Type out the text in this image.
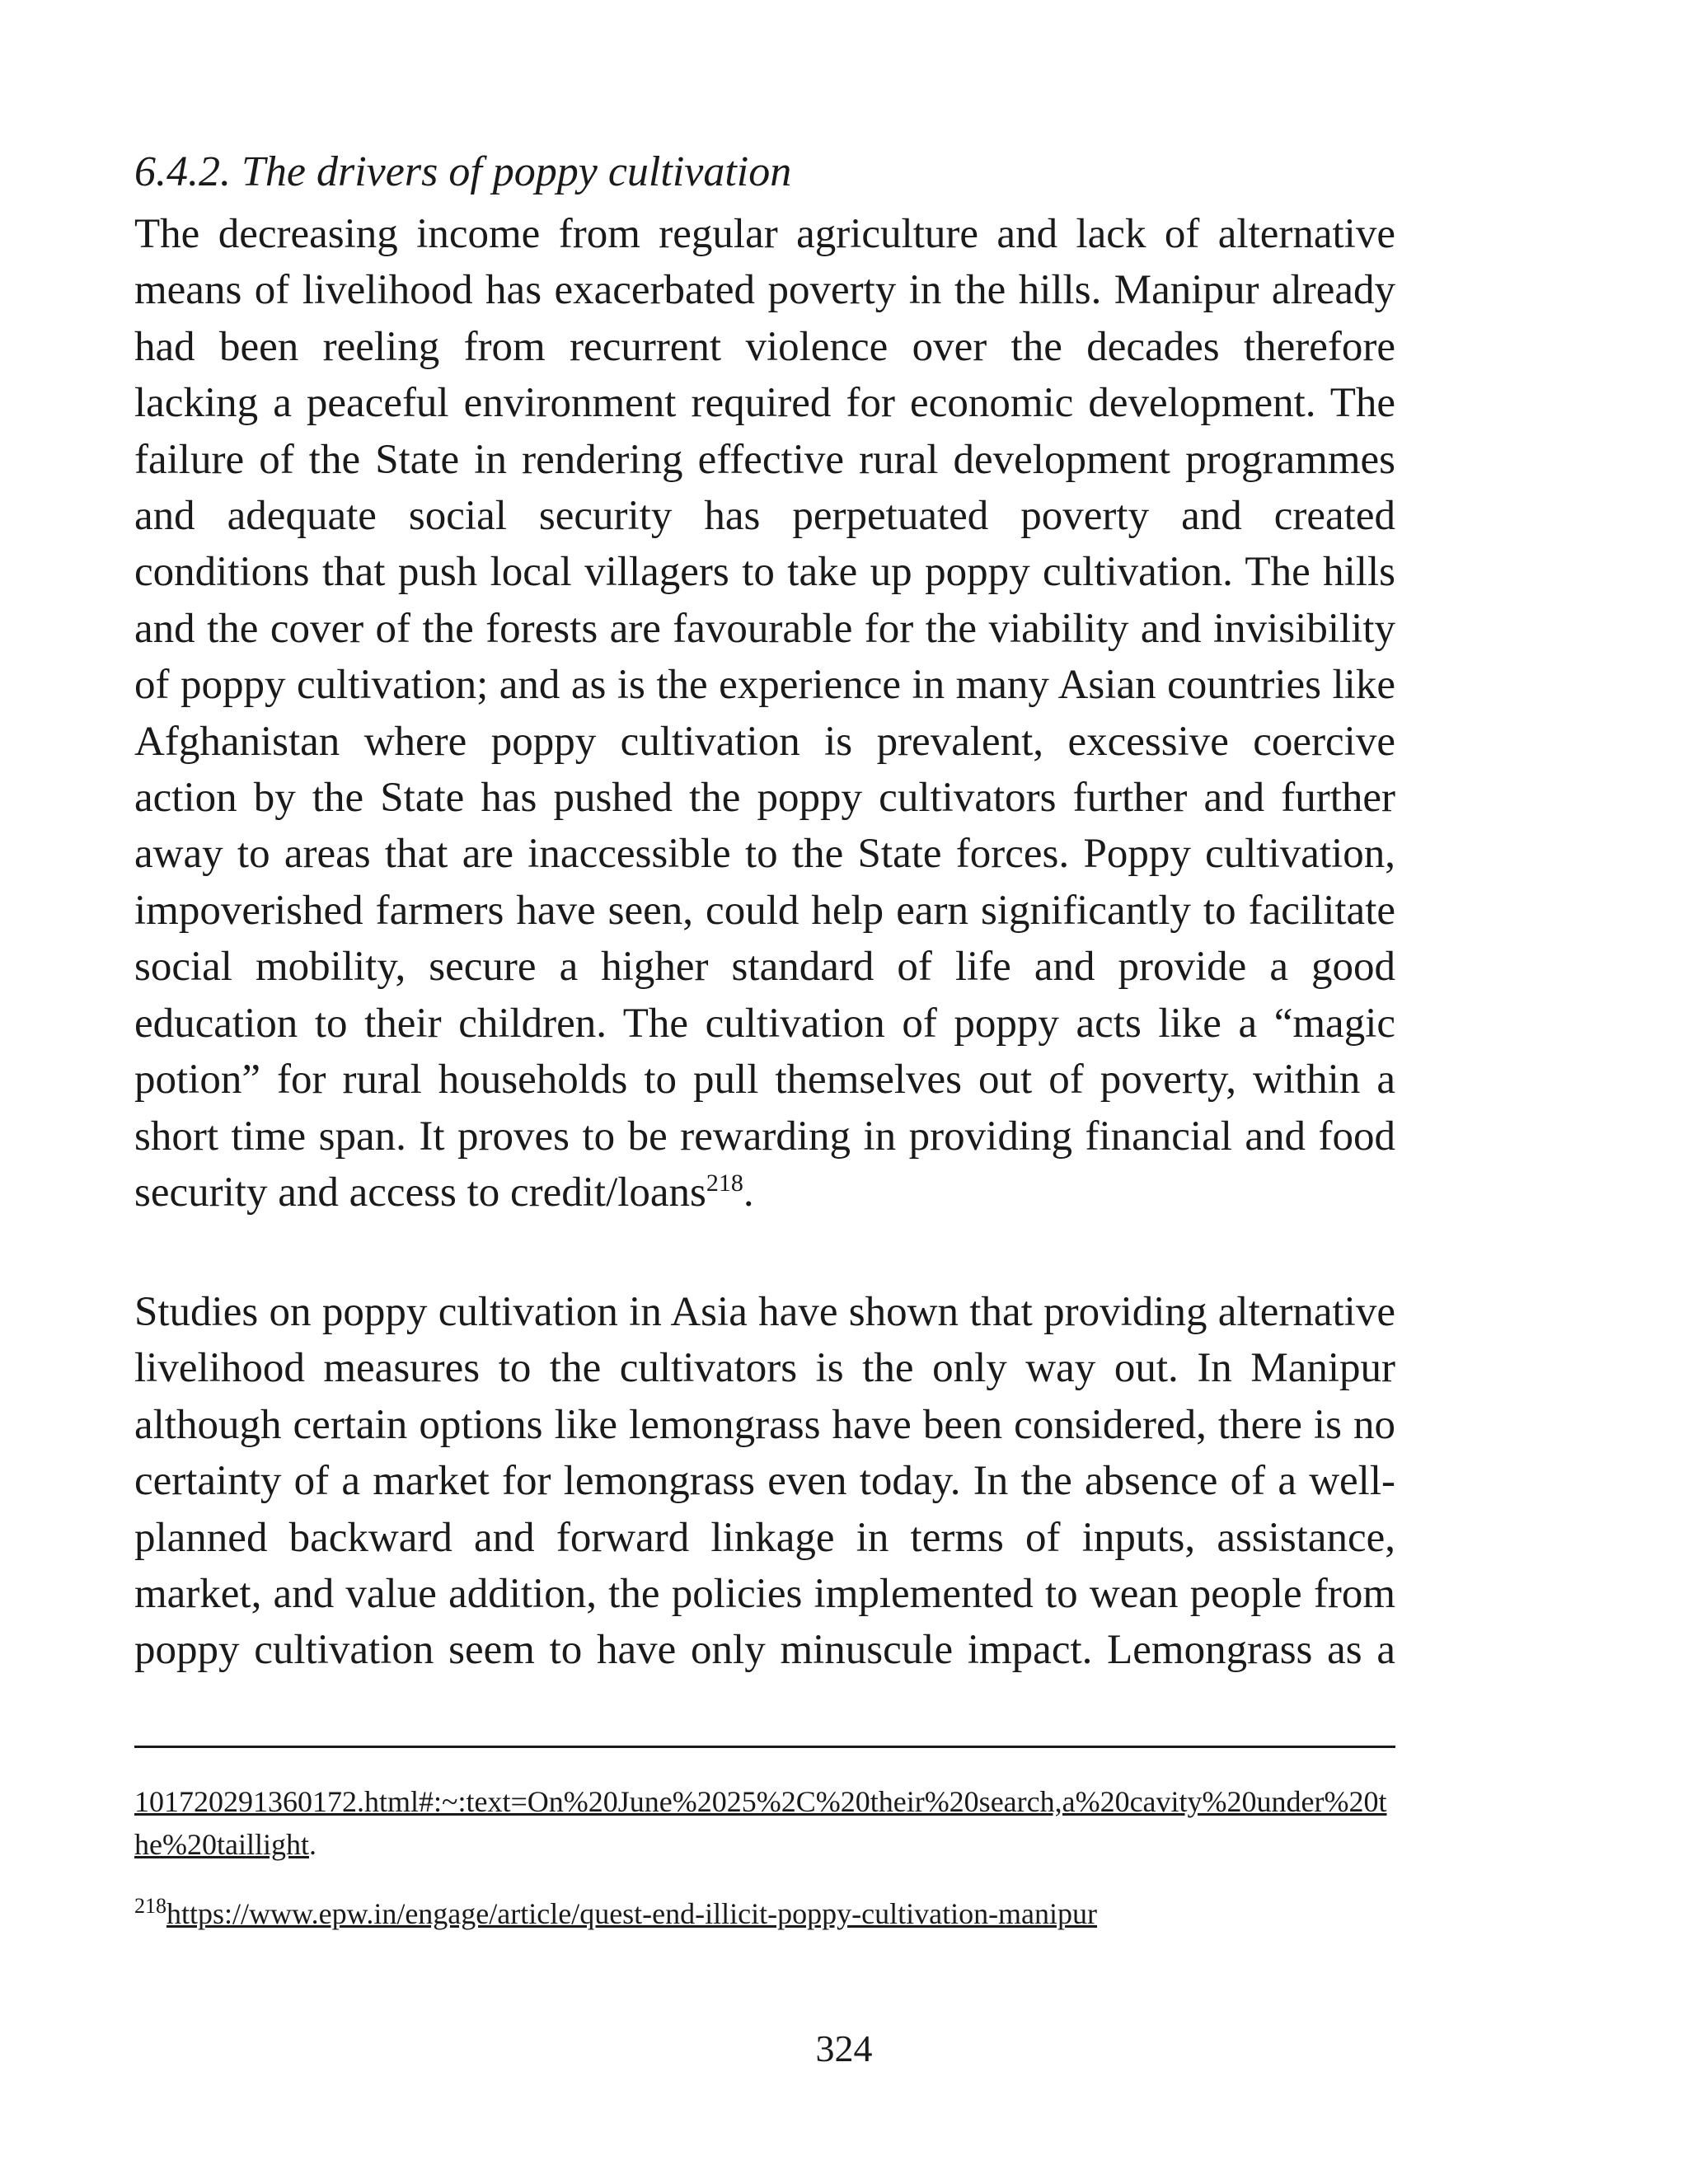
6.4.2. The drivers of poppy cultivation

The decreasing income from regular agriculture and lack of alternative means of livelihood has exacerbated poverty in the hills. Manipur already had been reeling from recurrent violence over the decades therefore lacking a peaceful environment required for economic development. The failure of the State in rendering effective rural development programmes and adequate social security has perpetuated poverty and created conditions that push local villagers to take up poppy cultivation. The hills and the cover of the forests are favourable for the viability and invisibility of poppy cultivation; and as is the experience in many Asian countries like Afghanistan where poppy cultivation is prevalent, excessive coercive action by the State has pushed the poppy cultivators further and further away to areas that are inaccessible to the State forces. Poppy cultivation, impoverished farmers have seen, could help earn significantly to facilitate social mobility, secure a higher standard of life and provide a good education to their children. The cultivation of poppy acts like a “magic potion” for rural households to pull themselves out of poverty, within a short time span. It proves to be rewarding in providing financial and food security and access to credit/loans$^{218}$.

Studies on poppy cultivation in Asia have shown that providing alternative livelihood measures to the cultivators is the only way out. In Manipur although certain options like lemongrass have been considered, there is no certainty of a market for lemongrass even today. In the absence of a well-planned backward and forward linkage in terms of inputs, assistance, market, and value addition, the policies implemented to wean people from poppy cultivation seem to have only minuscule impact. Lemongrass as a

101720291360172.html#:~:text=On%20June%2025%2C%20their%20search,a%20cavity%20under%20the%20taillight.

$^{218}$https://www.epw.in/engage/article/quest-end-illicit-poppy-cultivation-manipur

324
